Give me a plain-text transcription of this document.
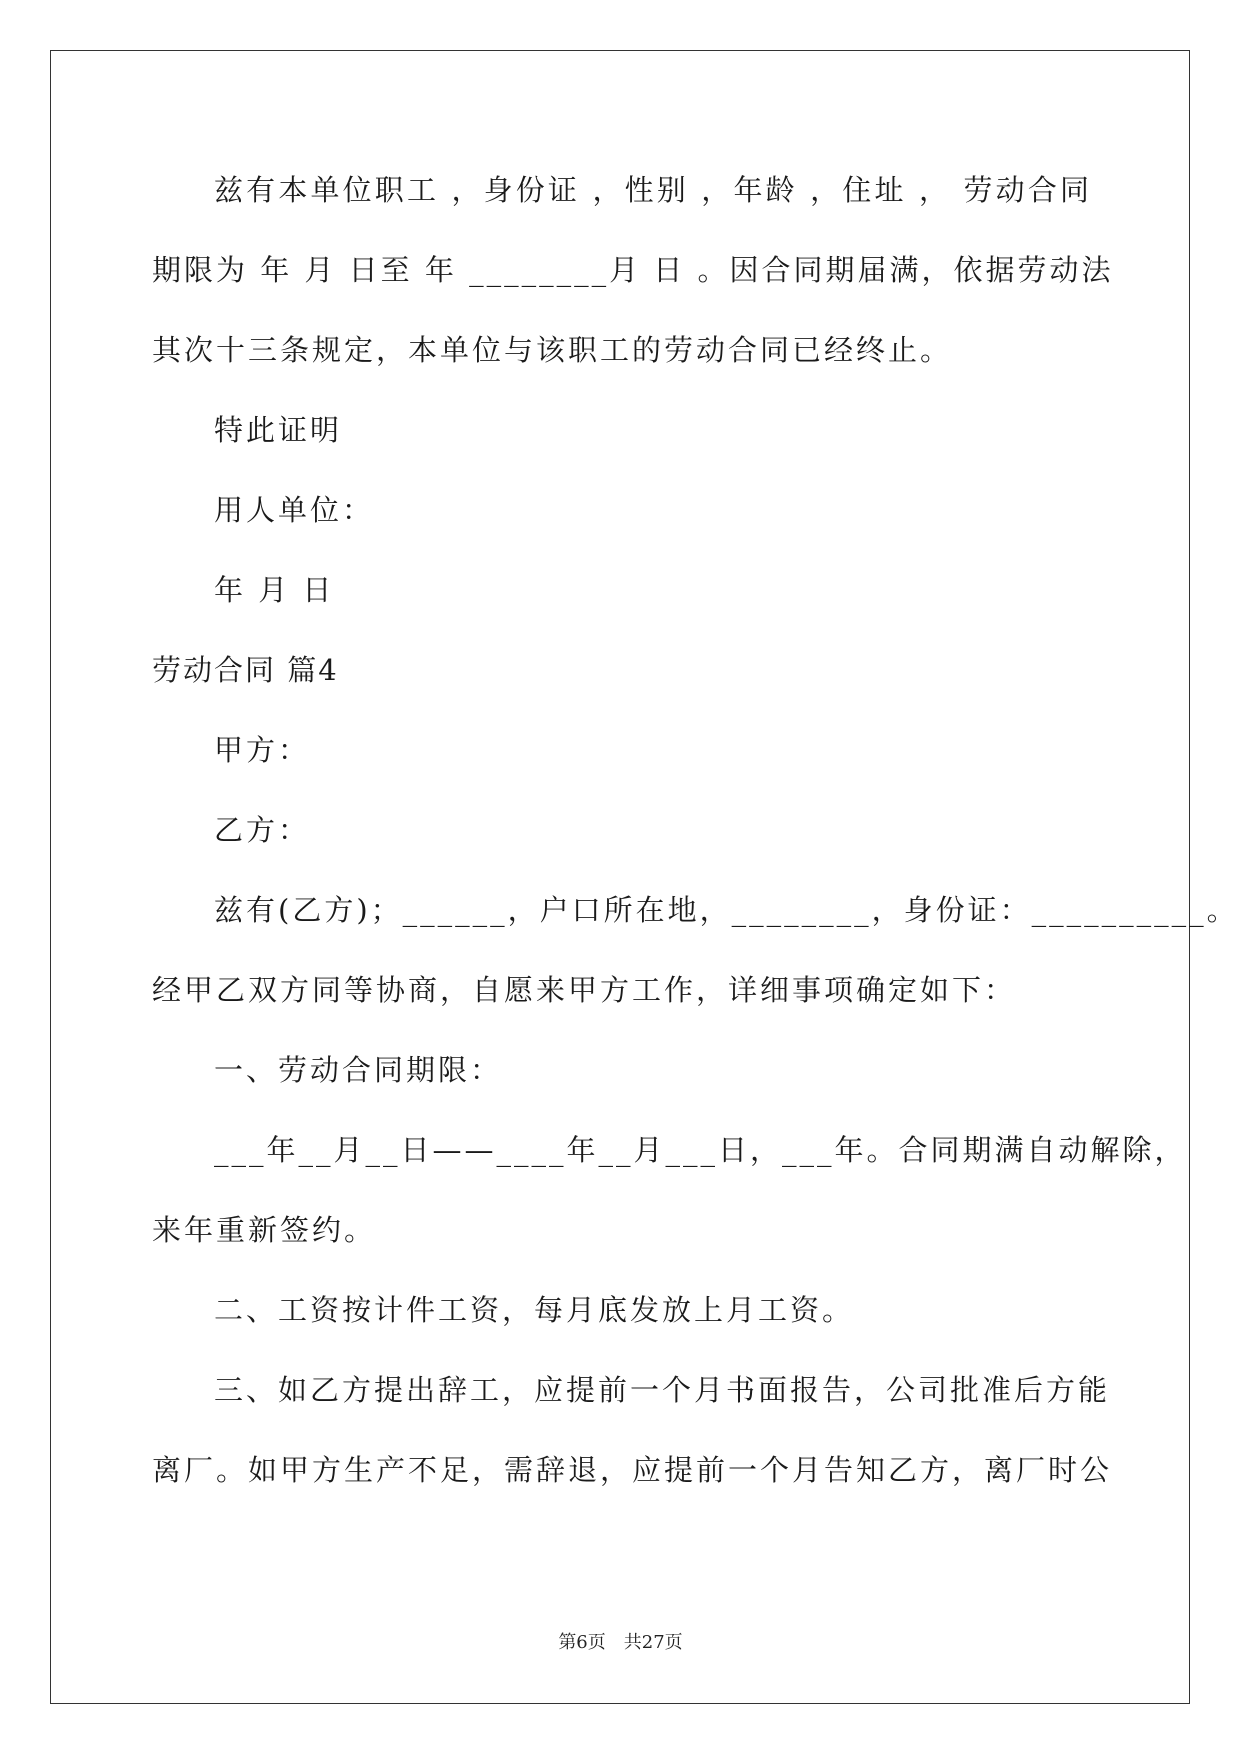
兹有本单位职工 ，身份证 ，性别 ，年龄 ，住址 ， 劳动合同
期限为 年 月 日至 年 ________月 日 。因合同期届满，依据劳动法
其次十三条规定，本单位与该职工的劳动合同已经终止。
特此证明
用人单位：
年 月 日
劳动合同 篇4
甲方：
乙方：
兹有(乙方)；______，户口所在地，________，身份证：__________。
经甲乙双方同等协商，自愿来甲方工作，详细事项确定如下：
一、劳动合同期限：
___年__月__日——____年__月___日，___年。合同期满自动解除，
来年重新签约。
二、工资按计件工资，每月底发放上月工资。
三、如乙方提出辞工，应提前一个月书面报告，公司批准后方能
离厂。如甲方生产不足，需辞退，应提前一个月告知乙方，离厂时公
第6页　共27页
